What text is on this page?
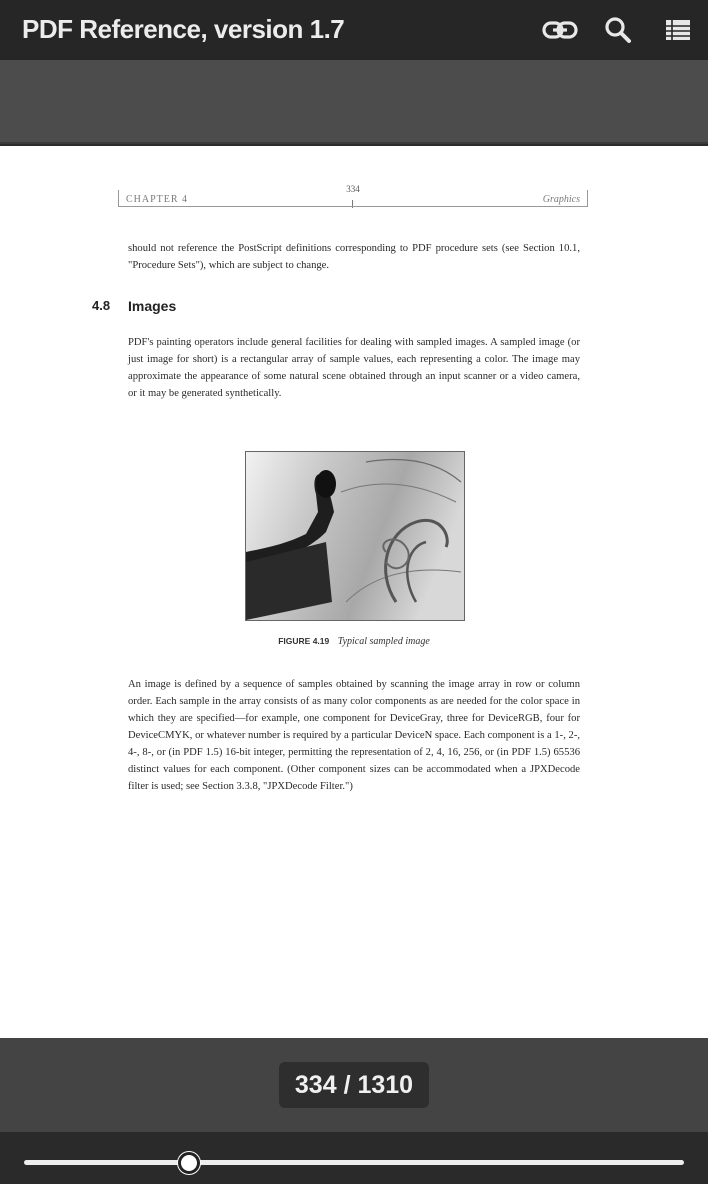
PDF Reference, version 1.7
CHAPTER 4
334
Graphics

should not reference the PostScript definitions corresponding to PDF procedure sets (see Section 10.1, "Procedure Sets"), which are subject to change.

4.8 Images

PDF's painting operators include general facilities for dealing with sampled images. A sampled image (or just image for short) is a rectangular array of sample values, each representing a color. The image may approximate the appearance of some natural scene obtained through an input scanner or a video camera, or it may be generated synthetically.

FIGURE 4.19 Typical sampled image

An image is defined by a sequence of samples obtained by scanning the image array in row or column order. Each sample in the array consists of as many color components as are needed for the color space in which they are specified—for example, one component for DeviceGray, three for DeviceRGB, four for DeviceCMYK, or whatever number is required by a particular DeviceN space. Each component is a 1-, 2-, 4-, 8-, or (in PDF 1.5) 16-bit integer, permitting the representation of 2, 4, 16, 256, or (in PDF 1.5) 65536 distinct values for each component. (Other component sizes can be accommodated when a JPXDecode filter is used; see Section 3.3.8, "JPXDecode Filter.")

334 / 1310
